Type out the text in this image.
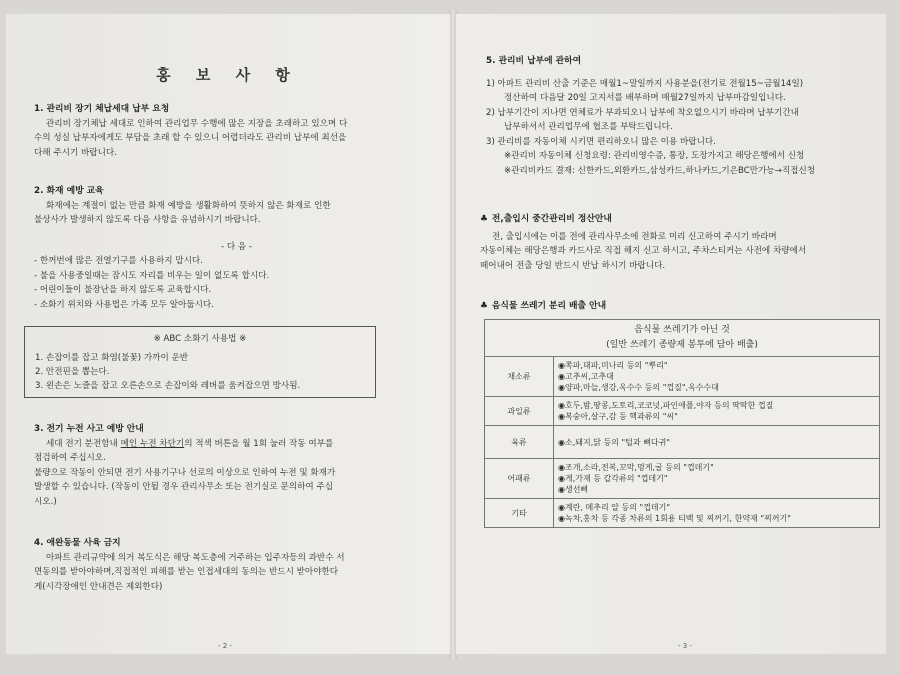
홍 보 사 항
1. 관리비 장기 체납세대 납부 요청

관리비 장기체납 세대로 인하여 관리업무 수행에 많은 지장을 초래하고 있으며 다

수의 성실 납부자에게도 부담을 초래 할 수 있으니 어렵더라도 관리비 납부에 최선을

다해 주시기 바랍니다.

2. 화재 예방 교육

화재에는 계절이 없는 만큼 화재 예방을 생활화하여 뜻하지 않은 화재로 인한

불상사가 발생하지 않도록 다음 사항을 유념하시기 바랍니다.

- 다 음 -

- 한꺼번에 많은 전열기구를 사용하지 맙시다.

- 불을 사용중일때는 잠시도 자리를 비우는 일이 없도록 합시다.

- 어린이들이 불장난을 하지 않도록 교육합시다.

- 소화기 위치와 사용법은 가족 모두 알아둡시다.

※ ABC 소화기 사용법 ※
1. 손잡이를 잡고 화염(불꽃) 가까이 운반
2. 안전핀을 뽑는다.
3. 왼손은 노즐을 잡고 오른손으로 손잡이와 레버를 움켜잡으면 방사됨.
3. 전기 누전 사고 예방 안내

세대 전기 분전함내 메인 누전 차단기의 적색 버튼을 월 1회 눌러 작동 여부를

점검하여 주십시오.

불량으로 작동이 안되면 전기 사용기구나 선로의 이상으로 인하여 누전 및 화재가

발생할 수 있습니다. (작동이 안될 경우 관리사무소 또는 전기실로 문의하여 주십

시오.)

4. 애완동물 사육 금지

아파트 관리규약에 의거 복도식은 해당 복도층에 거주하는 입주자등의 과반수 서

면동의를 받아야하며,직접적인 피해를 받는 인접세대의 동의는 반드시 받아야한다

게(시각장애인 안내견은 제외한다)

- 2 -
5. 관리비 납부에 관하여

1) 아파트 관리비 산출 기준은 매월1~말일까지 사용분을(전기료 전월15~금월14일)

정산하여 다음달 20일 고지서를 배부하며 매월27일까지 납부마감일입니다.

2) 납부기간이 지나면 연체료가 부과되오니 납부에 착오없으시기 바라며 납부기간내

납부하셔서 관리업무에 협조를 부탁드립니다.

3) 관리비를 자동이체 시키면 편리하오니 많은 이용 바랍니다.

※관리비 자동이체 신청요령: 관리비영수증, 통장, 도장가지고 해당은행에서 신청

※관리비카드 결재: 신한카드,외환카드,삼성카드,하나카드,기은BC만가능→직접신청

♣ 전,출입시 중간관리비 정산안내

전, 출입시에는 이를 전에 관리사무소에 전화로 미리 신고하여 주시기 바라며

자동이체는 해당은행과 카드사로 직접 해지 신고 하시고, 주차스티커는 사전에 차량에서

떼어내어 전출 당일 반드시 반납 하시기 바랍니다.

♣ 음식물 쓰레기 분리 배출 안내
음식물 쓰레기가 아닌 것
(일반 쓰레기 종량제 봉투에 담아 배출)	

채소류	◉쪽파,대파,미나리 등의 "뿌리"
◉고추씨,고추대
◉양파,마늘,생강,옥수수 등의 "껍질",옥수수대

과일류	◉호두,밤,땅콩,도토리,코코넛,파인애플,야자 등의 딱딱한 껍질
◉복숭아,살구,감 등 핵과류의 "씨"

육류	◉소,돼지,닭 등의 "털과 뼈다귀"

어패류	◉조개,소라,전복,꼬막,멍게,굴 등의 "껍데기"
◉게,가재 등 갑각류의 "껍데기"
◉생선뼈

기타	◉계란, 메추리 알 등의 "껍데기"
◉녹차,홍차 등 각종 차류의 1회용 티백 및 찌꺼기, 한약재 "찌꺼기"
- 3 -
